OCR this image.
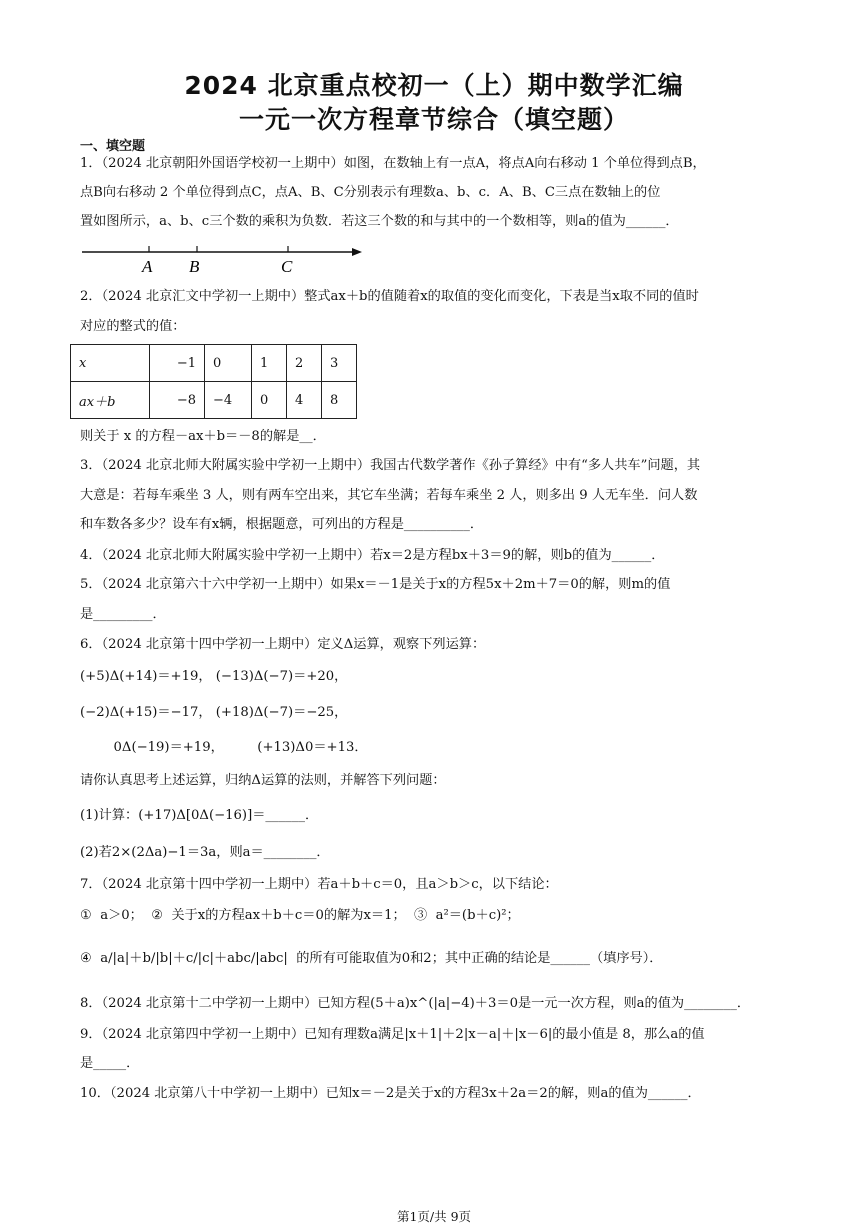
2024 北京重点校初一（上）期中数学汇编
一元一次方程章节综合（填空题）
一、填空题
1．（2024 北京朝阳外国语学校初一上期中）如图，在数轴上有一点A，将点A向右移动 1 个单位得到点B，
点B向右移动 2 个单位得到点C，点A、B、C分别表示有理数a、b、c．A、B、C三点在数轴上的位
置如图所示，a、b、c三个数的乘积为负数．若这三个数的和与其中的一个数相等，则a的值为______．
A B	C
2．（2024 北京汇文中学初一上期中）整式ax＋b的值随着x的取值的变化而变化，下表是当x取不同的值时
对应的整式的值：
x	−1	0	1	2	3
ax＋b	−8	−4	0	4	8
则关于 x 的方程－ax＋b＝－8的解是__．
3．（2024 北京北师大附属实验中学初一上期中）我国古代数学著作《孙子算经》中有“多人共车”问题，其
大意是：若每车乘坐 3 人，则有两车空出来，其它车坐满；若每车乘坐 2 人，则多出 9 人无车坐．问人数
和车数各多少？设车有x辆，根据题意，可列出的方程是__________．
4．（2024 北京北师大附属实验中学初一上期中）若x＝2是方程bx＋3＝9的解，则b的值为______．
5．（2024 北京第六十六中学初一上期中）如果x＝－1是关于x的方程5x＋2m＋7＝0的解，则m的值
是_________．
6．（2024 北京第十四中学初一上期中）定义Δ运算，观察下列运算：
(+5)Δ(+14)＝+19， (−13)Δ(−7)＝+20，
(−2)Δ(+15)＝−17， (+18)Δ(−7)＝−25，
0Δ(−19)＝+19，        (+13)Δ0＝+13．
请你认真思考上述运算，归纳Δ运算的法则，并解答下列问题：
(1)计算：(+17)Δ[0Δ(−16)]＝______．
(2)若2×(2Δa)−1＝3a，则a＝________．
7．（2024 北京第十四中学初一上期中）若a＋b＋c＝0，且a＞b＞c，以下结论：
①  a＞0；  ②  关于x的方程ax＋b＋c＝0的解为x＝1；  ③  a²＝(b＋c)²；
④  a/|a|＋b/|b|＋c/|c|＋abc/|abc|  的所有可能取值为0和2；其中正确的结论是______（填序号）．
8．（2024 北京第十二中学初一上期中）已知方程(5＋a)x^(|a|−4)＋3＝0是一元一次方程，则a的值为________．
9．（2024 北京第四中学初一上期中）已知有理数a满足|x＋1|＋2|x－a|＋|x－6|的最小值是 8，那么a的值
是_____．
10．（2024 北京第八十中学初一上期中）已知x＝－2是关于x的方程3x＋2a＝2的解，则a的值为______．
第1页/共 9页
